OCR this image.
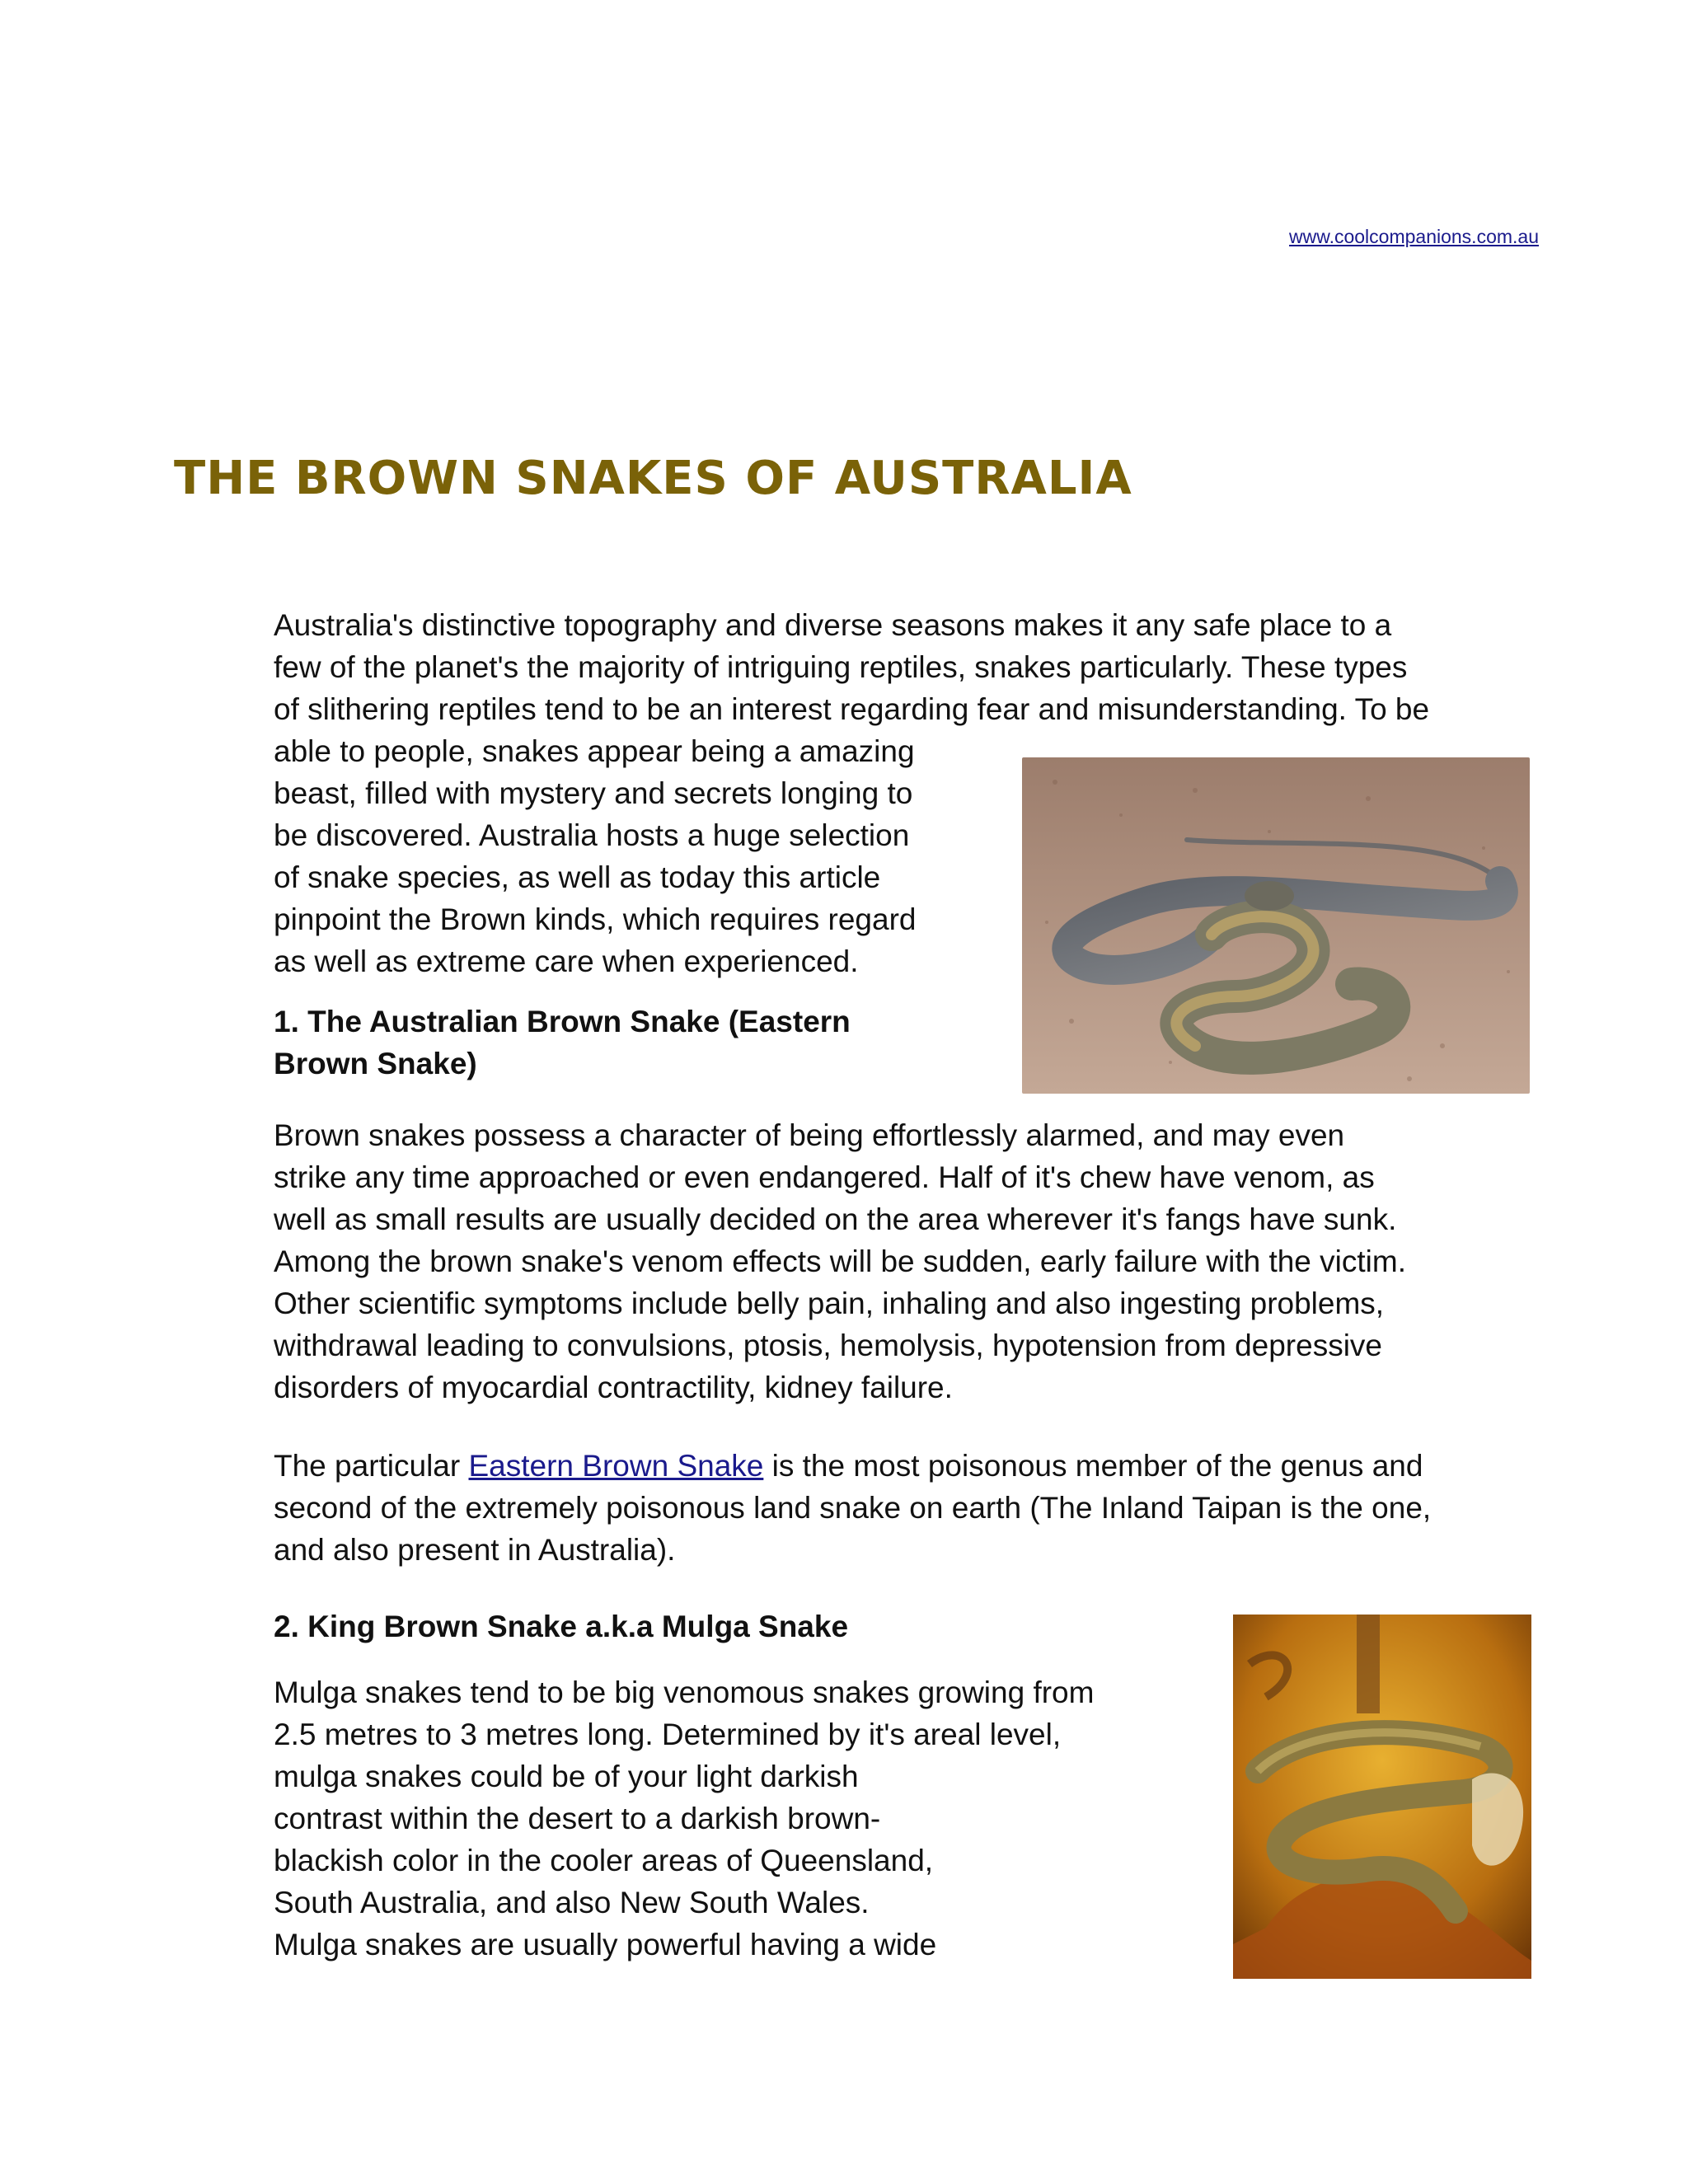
www.coolcompanions.com.au
THE BROWN SNAKES OF AUSTRALIA

Australia's distinctive topography and diverse seasons makes it any safe place to a
few of the planet's the majority of intriguing reptiles, snakes particularly. These types
of slithering reptiles tend to be an interest regarding fear and misunderstanding. To be

able to people, snakes appear being a amazing
beast, filled with mystery and secrets longing to
be discovered. Australia hosts a huge selection
of snake species, as well as today this article
pinpoint the Brown kinds, which requires regard
as well as extreme care when experienced.

1. The Australian Brown Snake (Eastern
Brown Snake)

Brown snakes possess a character of being effortlessly alarmed, and may even
strike any time approached or even endangered. Half of it's chew have venom, as
well as small results are usually decided on the area wherever it's fangs have sunk.
Among the brown snake's venom effects will be sudden, early failure with the victim.
Other scientific symptoms include belly pain, inhaling and also ingesting problems,
withdrawal leading to convulsions, ptosis, hemolysis, hypotension from depressive
disorders of myocardial contractility, kidney failure.

The particular Eastern Brown Snake is the most poisonous member of the genus and
second of the extremely poisonous land snake on earth (The Inland Taipan is the one,
and also present in Australia).

2. King Brown Snake a.k.a Mulga Snake

Mulga snakes tend to be big venomous snakes growing from
2.5 metres to 3 metres long. Determined by it's areal level,
mulga snakes could be of your light darkish
contrast within the desert to a darkish brown-
blackish color in the cooler areas of Queensland,
South Australia, and also New South Wales.
Mulga snakes are usually powerful having a wide
